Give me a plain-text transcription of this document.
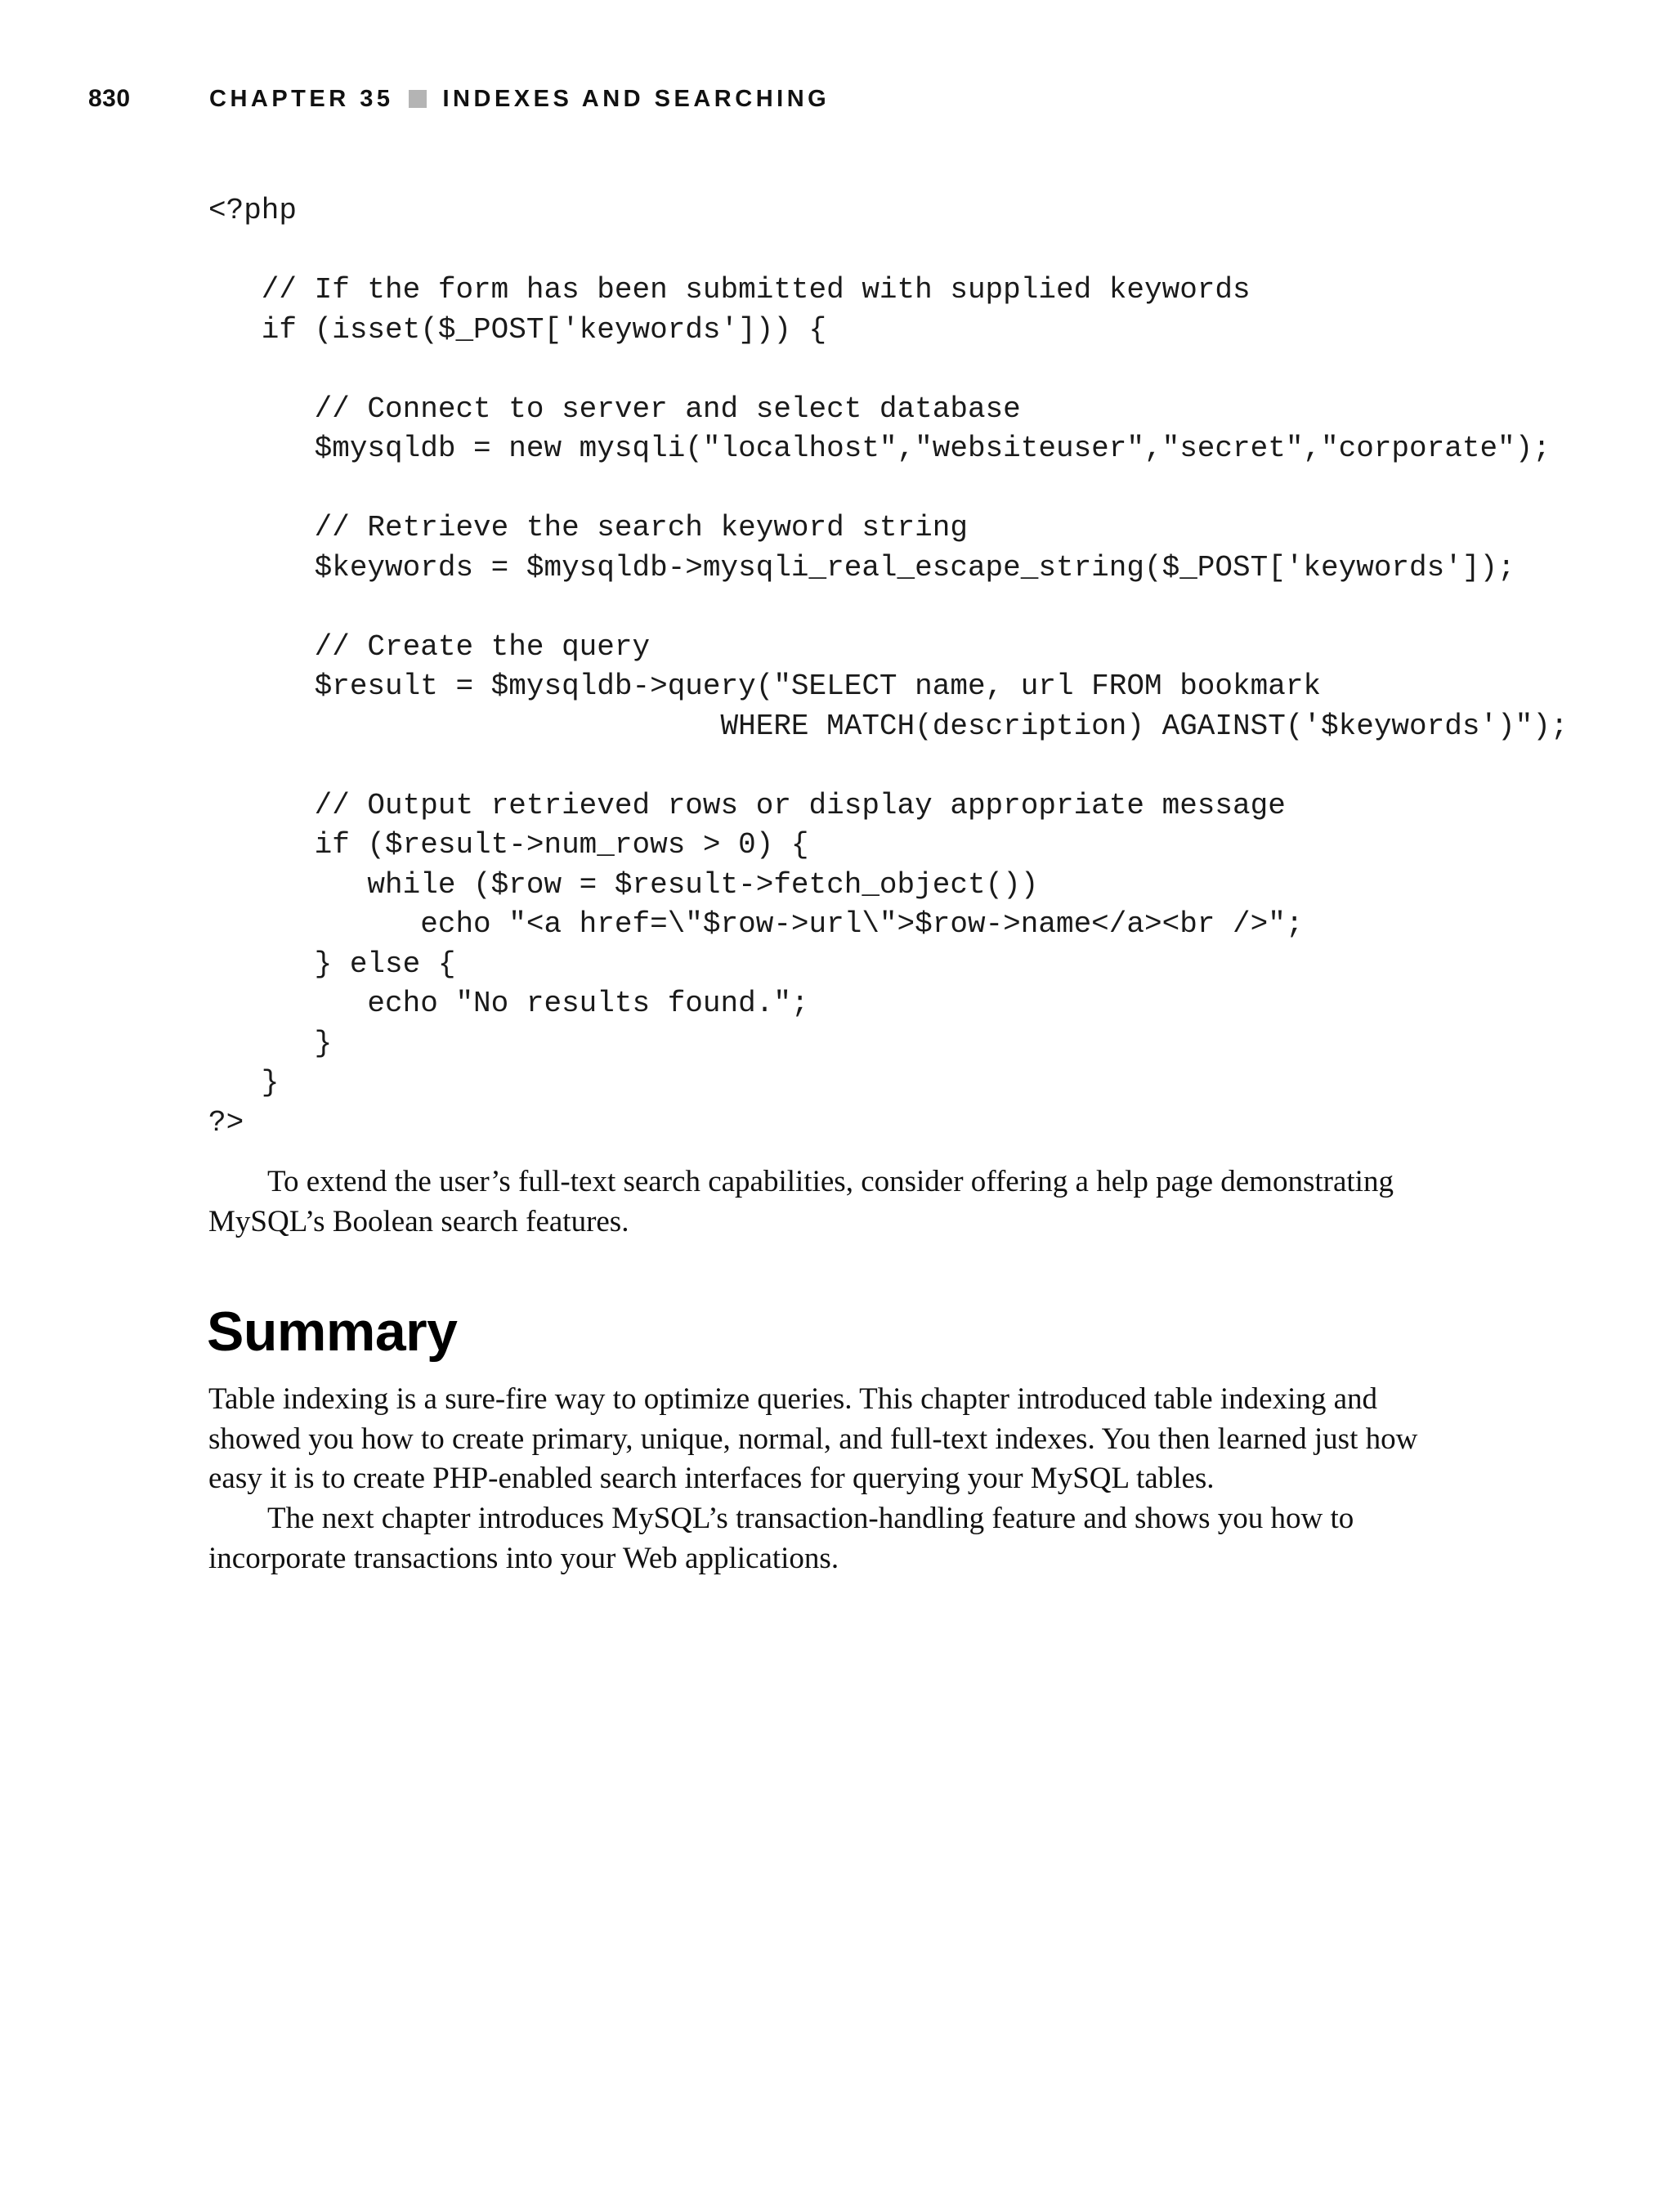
830	CHAPTER 35 INDEXES AND SEARCHING
<?php

// If the form has been submitted with supplied keywords
if (isset($_POST['keywords'])) {

// Connect to server and select database
$mysqldb = new mysqli("localhost","websiteuser","secret","corporate");

// Retrieve the search keyword string
$keywords = $mysqldb->mysqli_real_escape_string($_POST['keywords']);

// Create the query
$result = $mysqldb->query("SELECT name, url FROM bookmark
WHERE MATCH(description) AGAINST('$keywords')");

// Output retrieved rows or display appropriate message
if ($result->num_rows > 0) {
while ($row = $result->fetch_object())
echo "<a href=\"$row->url\">$row->name</a><br />";
} else {
echo "No results found.";
}
}
?>

To extend the user’s full-text search capabilities, consider offering a help page demonstrating MySQL’s Boolean search features.

Summary

Table indexing is a sure-fire way to optimize queries. This chapter introduced table indexing and showed you how to create primary, unique, normal, and full-text indexes. You then learned just how easy it is to create PHP-enabled search interfaces for querying your MySQL tables.

The next chapter introduces MySQL’s transaction-handling feature and shows you how to incorporate transactions into your Web applications.
